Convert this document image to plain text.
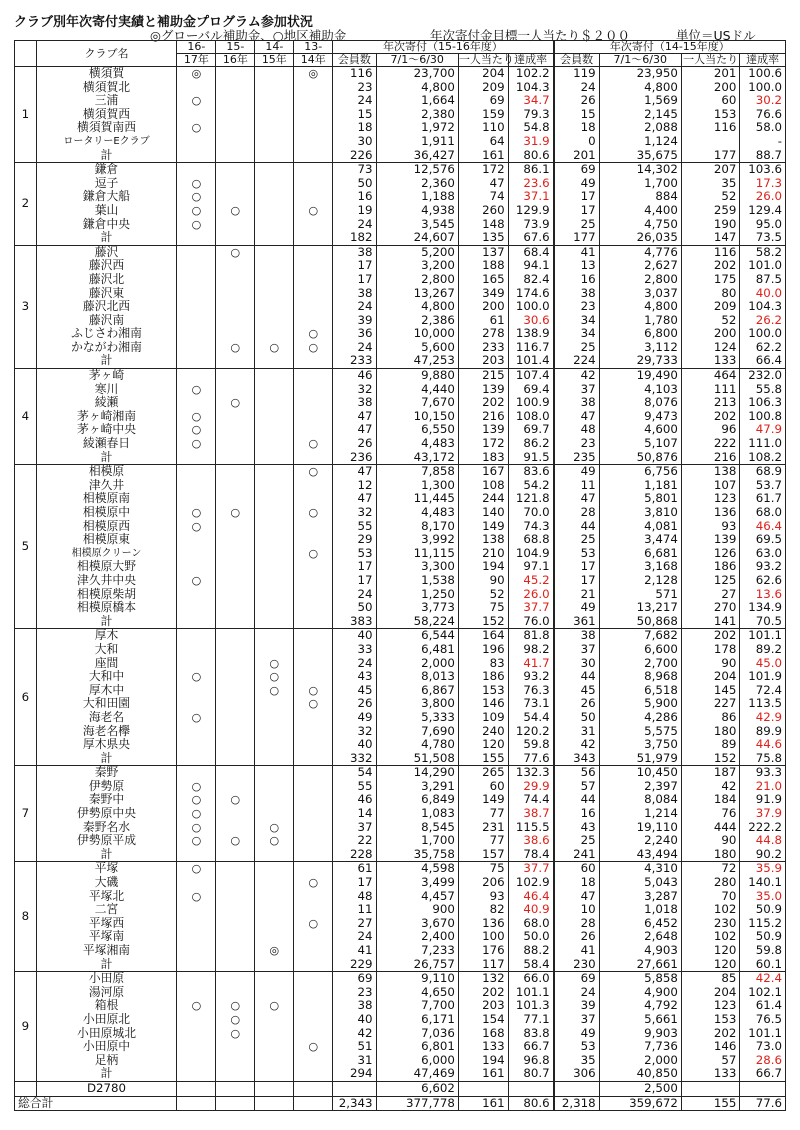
クラブ別年次寄付実績と補助金プログラム参加状況
◎グローバル補助金、○地区補助金	年次寄付金目標一人当たり＄２００	単位＝USドル
	クラブ名	16-	15-	14-	13-	年次寄付（15-16年度）				年次寄付（14-15年度）			
		17年	16年	15年	14年	会員数	7/1～6/30	一人当たり	達成率	会員数	7/1～6/30	一人当たり	達成率
1	横須賀	◎			◎	116	23,700	204	102.2	119	23,950	201	100.6
	横須賀北					23	4,800	209	104.3	24	4,800	200	100.0
	三浦	○				24	1,664	69	34.7	26	1,569	60	30.2
	横須賀西					15	2,380	159	79.3	15	2,145	153	76.6
	横須賀南西	○				18	1,972	110	54.8	18	2,088	116	58.0
	ロータリーEクラブ					30	1,911	64	31.9	0	1,124		-
	計					226	36,427	161	80.6	201	35,675	177	88.7
2	鎌倉					73	12,576	172	86.1	69	14,302	207	103.6
	逗子	○				50	2,360	47	23.6	49	1,700	35	17.3
	鎌倉大船	○				16	1,188	74	37.1	17	884	52	26.0
	葉山	○	○		○	19	4,938	260	129.9	17	4,400	259	129.4
	鎌倉中央	○				24	3,545	148	73.9	25	4,750	190	95.0
	計					182	24,607	135	67.6	177	26,035	147	73.5
3	藤沢		○			38	5,200	137	68.4	41	4,776	116	58.2
	藤沢西					17	3,200	188	94.1	13	2,627	202	101.0
	藤沢北					17	2,800	165	82.4	16	2,800	175	87.5
	藤沢東					38	13,267	349	174.6	38	3,037	80	40.0
	藤沢北西					24	4,800	200	100.0	23	4,800	209	104.3
	藤沢南					39	2,386	61	30.6	34	1,780	52	26.2
	ふじさわ湘南				○	36	10,000	278	138.9	34	6,800	200	100.0
	かながわ湘南		○	○	○	24	5,600	233	116.7	25	3,112	124	62.2
	計					233	47,253	203	101.4	224	29,733	133	66.4
4	茅ヶ崎					46	9,880	215	107.4	42	19,490	464	232.0
	寒川	○				32	4,440	139	69.4	37	4,103	111	55.8
	綾瀬		○			38	7,670	202	100.9	38	8,076	213	106.3
	茅ヶ崎湘南	○				47	10,150	216	108.0	47	9,473	202	100.8
	茅ヶ崎中央	○				47	6,550	139	69.7	48	4,600	96	47.9
	綾瀬春日	○			○	26	4,483	172	86.2	23	5,107	222	111.0
	計					236	43,172	183	91.5	235	50,876	216	108.2
5	相模原				○	47	7,858	167	83.6	49	6,756	138	68.9
	津久井					12	1,300	108	54.2	11	1,181	107	53.7
	相模原南					47	11,445	244	121.8	47	5,801	123	61.7
	相模原中	○	○		○	32	4,483	140	70.0	28	3,810	136	68.0
	相模原西	○				55	8,170	149	74.3	44	4,081	93	46.4
	相模原東					29	3,992	138	68.8	25	3,474	139	69.5
	相模原クリーン				○	53	11,115	210	104.9	53	6,681	126	63.0
	相模原大野					17	3,300	194	97.1	17	3,168	186	93.2
	津久井中央	○				17	1,538	90	45.2	17	2,128	125	62.6
	相模原柴胡					24	1,250	52	26.0	21	571	27	13.6
	相模原橋本					50	3,773	75	37.7	49	13,217	270	134.9
	計					383	58,224	152	76.0	361	50,868	141	70.5
6	厚木					40	6,544	164	81.8	38	7,682	202	101.1
	大和					33	6,481	196	98.2	37	6,600	178	89.2
	座間			○		24	2,000	83	41.7	30	2,700	90	45.0
	大和中	○		○		43	8,013	186	93.2	44	8,968	204	101.9
	厚木中			○	○	45	6,867	153	76.3	45	6,518	145	72.4
	大和田園				○	26	3,800	146	73.1	26	5,900	227	113.5
	海老名	○				49	5,333	109	54.4	50	4,286	86	42.9
	海老名欅					32	7,690	240	120.2	31	5,575	180	89.9
	厚木県央					40	4,780	120	59.8	42	3,750	89	44.6
	計					332	51,508	155	77.6	343	51,979	152	75.8
7	秦野					54	14,290	265	132.3	56	10,450	187	93.3
	伊勢原	○				55	3,291	60	29.9	57	2,397	42	21.0
	秦野中	○	○			46	6,849	149	74.4	44	8,084	184	91.9
	伊勢原中央	○				14	1,083	77	38.7	16	1,214	76	37.9
	秦野名水	○		○		37	8,545	231	115.5	43	19,110	444	222.2
	伊勢原平成	○	○	○		22	1,700	77	38.6	25	2,240	90	44.8
	計					228	35,758	157	78.4	241	43,494	180	90.2
8	平塚	○				61	4,598	75	37.7	60	4,310	72	35.9
	大磯				○	17	3,499	206	102.9	18	5,043	280	140.1
	平塚北	○				48	4,457	93	46.4	47	3,287	70	35.0
	二宮					11	900	82	40.9	10	1,018	102	50.9
	平塚西				○	27	3,670	136	68.0	28	6,452	230	115.2
	平塚南					24	2,400	100	50.0	26	2,648	102	50.9
	平塚湘南			◎		41	7,233	176	88.2	41	4,903	120	59.8
	計					229	26,757	117	58.4	230	27,661	120	60.1
9	小田原					69	9,110	132	66.0	69	5,858	85	42.4
	湯河原					23	4,650	202	101.1	24	4,900	204	102.1
	箱根	○	○	○		38	7,700	203	101.3	39	4,792	123	61.4
	小田原北		○			40	6,171	154	77.1	37	5,661	153	76.5
	小田原城北		○			42	7,036	168	83.8	49	9,903	202	101.1
	小田原中				○	51	6,801	133	66.7	53	7,736	146	73.0
	足柄					31	6,000	194	96.8	35	2,000	57	28.6
	計					294	47,469	161	80.7	306	40,850	133	66.7
	D2780						6,602				2,500		
総合計						2,343	377,778	161	80.6	2,318	359,672	155	77.6
